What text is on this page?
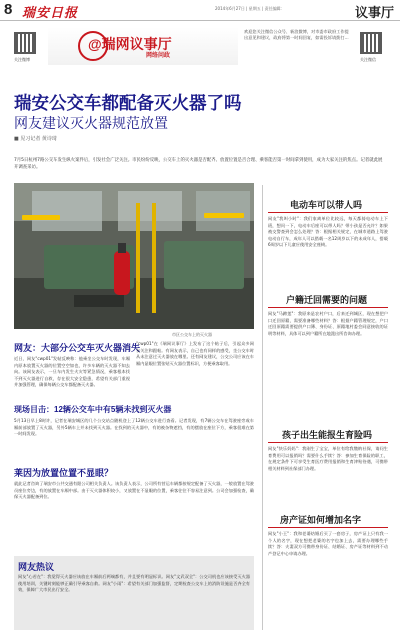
8 瑞安日报	2014年6月27日 | 星期五 | 责任编辑：	议事厅
关注微博
@瑞网议事厅
网络问政
欢迎您关注微信公众号、新浪微博，对市委市政府工作提出意见和建议，政府将第一时间回复，如需投诉请拨打…
关注微信
瑞安公交车都配备灭火器了吗
网友建议灭火器规范放置
■ 见习记者 黄诗琦
7月5日杭州7路公交车发生纵火案件后，引发社会广泛关注。市民纷纷反映，公交车上的灭火器是否配齐、放置位置是否合理、乘客能否第一时间拿到使用，成为大家关注的焦点。记者就此展开调查采访。
市区公交车上的灭火器
网友：大部分公交车灭火器消失
近日，网友"cwp01"发帖反映称：他乘坐公交车时发现，车厢内原本放置灭火器的位置空空如也，许多车辆的灭火器不知去向。该网友表示，一旦车内发生火灾等紧急情况，乘客根本找不到灭火器进行自救，存在很大安全隐患，希望有关部门重视并加强管理，确保每辆公交车都配备灭火器。
"cwp01"在《瑞网议事厅》上发布了这个帖子后，引起众多网友关注和跟帖。有网友表示，自己也有同样的感受，坐公交车时从未注意过灭火器放在哪里。还有网友建议，公交公司应该在车厢内显眼位置张贴灭火器位置标识，方便乘客取用。
现场目击：12辆公交车中有5辆未找到灭火器
5月13日早上8时许，记者在瑞安城区的几个公交站点随机登上了12辆公交车进行查看。记者发现，有7辆公交车在驾驶座旁或车厢前部放置了灭火器，另外5辆车上并未找到灭火器。在找到的灭火器中，有的被杂物遮挡，有的摆放在座位下方，乘客很难在第一时间发现。
莱因为放置位置不显眼？
就此记者咨询了瑞安市公共交通有限公司相关负责人。该负责人表示，公司所有营运车辆都按规定配备了灭火器，一般放置在驾驶员座位旁边，有的放置在车厢中部。由于灭火器体积较小，又放置在不显眼的位置，乘客往往不容易注意到。公司会加强检查，确保灭火器配备到位。
网友热议
网友"心若在"：我觉得灭火器应该放在车厢前后两端都有，并且要有明显标识。网友"文武双全"：公交司机也应该接受灭火器使用培训，关键时刻能够正确引导乘客自救。网友"小雨"：希望有关部门加强监督，定期检查公交车上的消防设施是否齐全有效，保障广大市民出行安全。
电动车可以带人吗
网友"我叫小时"：我们家离单位比较远，每天都骑电动车上下班，想问一下，电动车后座可以带人吗？带小孩是否允许？如果被交警查到会怎么处理？答：根据相关规定，在城市道路上驾驶电动自行车，成年人可以搭载一名12周岁以下的未成年人，搭载6周岁以下儿童应使用安全座椅。
户籍迁回需要的问题
网友"马蹄莲"：我原来是农村户口，后来迁到城区，现在想把户口迁回原籍，需要准备哪些材料？答：根据户籍管理规定，户口迁回原籍需要提供户口簿、身份证、原籍地村委会同意接收的证明等材料，具体可以到户籍所在地派出所咨询办理。
孩子出生能报生育险吗
网友"快乐妈妈"：我刚生了宝宝，单位有给我缴纳社保，请问生育费用可以报销吗？需要什么手续？答：参加生育保险的职工，在规定条件下可享受生育医疗费用报销和生育津贴待遇，可携带相关材料到社保部门办理。
房产证如何增加名字
网友"小王"：我和老婆结婚后买了一套房子，房产证上只有我一个人的名字，现在想把老婆的名字也加上去，需要办理哪些手续？答：夫妻双方可携带身份证、结婚证、房产证等材料到不动产登记中心申请办理。
